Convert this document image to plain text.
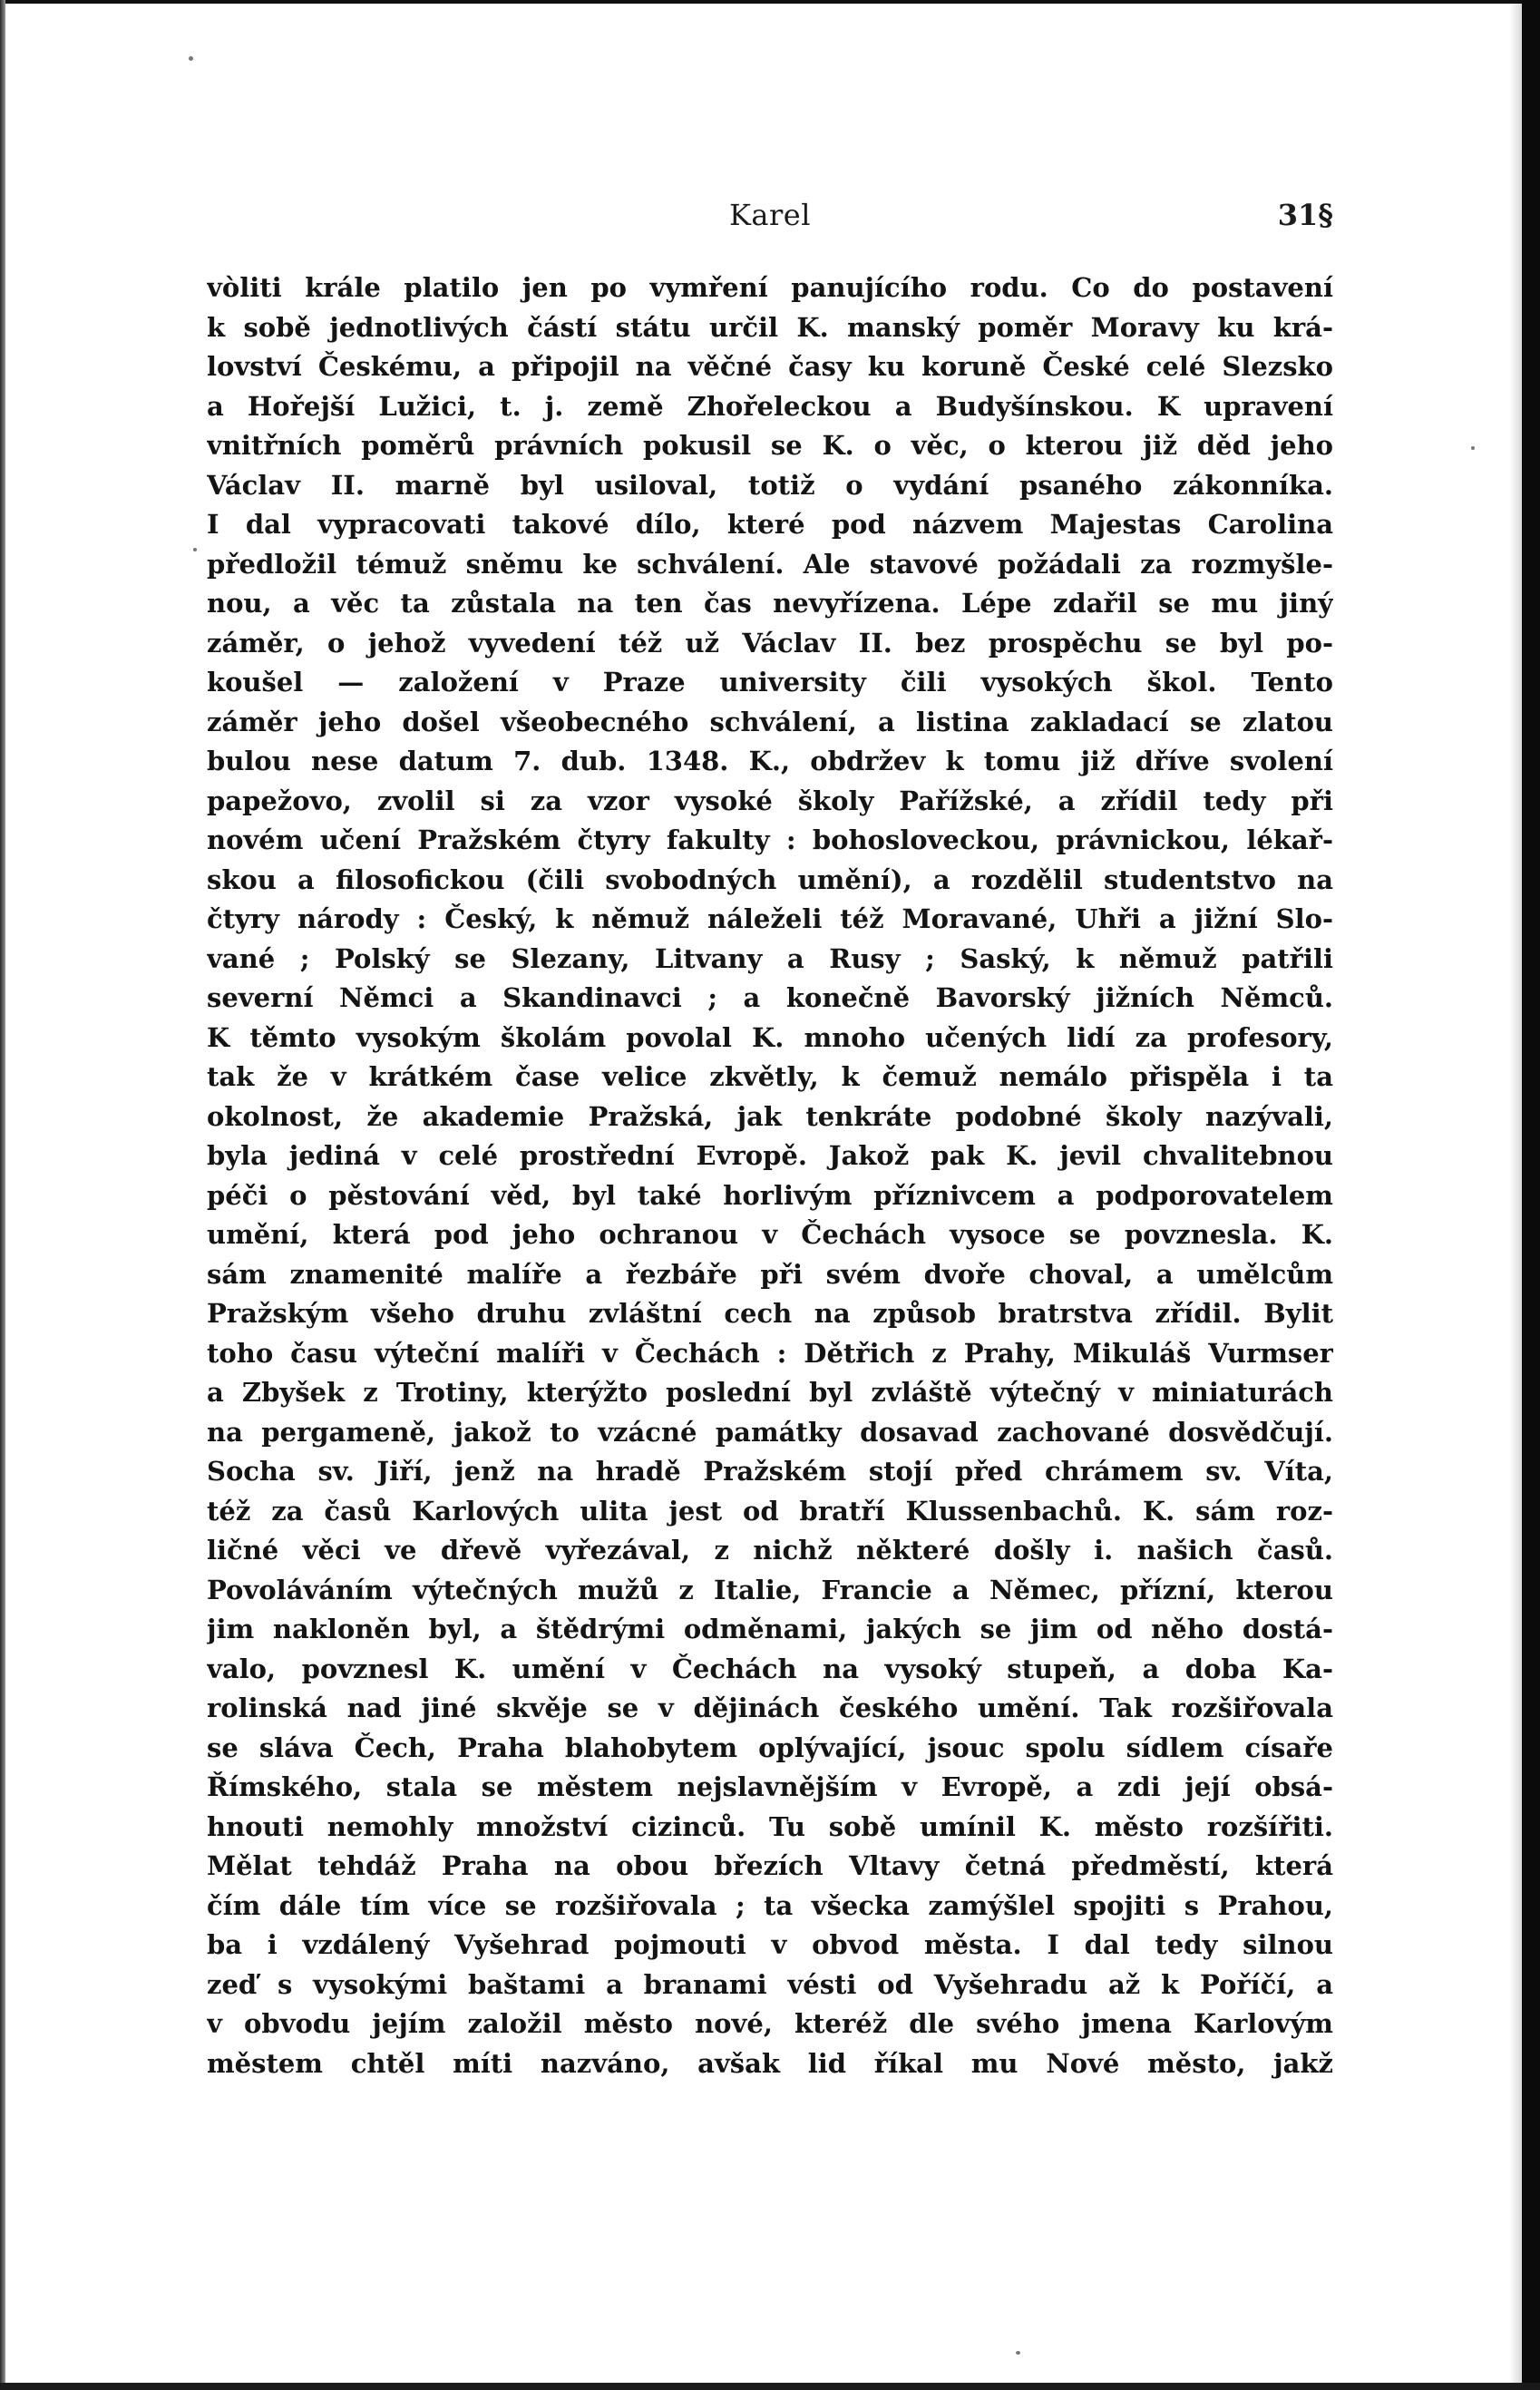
Karel	31§
vòliti krále platilo jen po vymření panujícího rodu. Co do postavení
k sobě jednotlivých částí státu určil K. manský poměr Moravy ku krá-
lovství Českému, a připojil na věčné časy ku koruně České celé Slezsko
a Hořejší Lužici, t. j. země Zhořeleckou a Budyšínskou. K upravení
vnitřních poměrů právních pokusil se K. o věc, o kterou již děd jeho
Václav II. marně byl usiloval, totiž o vydání psaného zákonníka.
I dal vypracovati takové dílo, které pod názvem Majestas Carolina
předložil témuž sněmu ke schválení. Ale stavové požádali za rozmyšle-
nou, a věc ta zůstala na ten čas nevyřízena. Lépe zdařil se mu jiný
záměr, o jehož vyvedení též už Václav II. bez prospěchu se byl po-
koušel — založení v Praze university čili vysokých škol. Tento
záměr jeho došel všeobecného schválení, a listina zakladací se zlatou
bulou nese datum 7. dub. 1348. K., obdržev k tomu již dříve svolení
papežovo, zvolil si za vzor vysoké školy Pařížské, a zřídil tedy při
novém učení Pražském čtyry fakulty : bohosloveckou, právnickou, lékař-
skou a filosofickou (čili svobodných umění), a rozdělil studentstvo na
čtyry národy : Český, k němuž náleželi též Moravané, Uhři a jižní Slo-
vané ; Polský se Slezany, Litvany a Rusy ; Saský, k němuž patřili
severní Němci a Skandinavci ; a konečně Bavorský jižních Němců.
K těmto vysokým školám povolal K. mnoho učených lidí za profesory,
tak že v krátkém čase velice zkvětly, k čemuž nemálo přispěla i ta
okolnost, že akademie Pražská, jak tenkráte podobné školy nazývali,
byla jediná v celé prostřední Evropě. Jakož pak K. jevil chvalitebnou
péči o pěstování věd, byl také horlivým příznivcem a podporovatelem
umění, která pod jeho ochranou v Čechách vysoce se povznesla. K.
sám znamenité malíře a řezbáře při svém dvoře choval, a umělcům
Pražským všeho druhu zvláštní cech na způsob bratrstva zřídil. Bylit
toho času výteční malíři v Čechách : Dětřich z Prahy, Mikuláš Vurmser
a Zbyšek z Trotiny, kterýžto poslední byl zvláště výtečný v miniaturách
na pergameně, jakož to vzácné památky dosavad zachované dosvědčují.
Socha sv. Jiří, jenž na hradě Pražském stojí před chrámem sv. Víta,
též za časů Karlových ulita jest od bratří Klussenbachů. K. sám roz-
ličné věci ve dřevě vyřezával, z nichž některé došly i. našich časů.
Povoláváním výtečných mužů z Italie, Francie a Němec, přízní, kterou
jim nakloněn byl, a štědrými odměnami, jakých se jim od něho dostá-
valo, povznesl K. umění v Čechách na vysoký stupeň, a doba Ka-
rolinská nad jiné skvěje se v dějinách českého umění. Tak rozšiřovala
se sláva Čech, Praha blahobytem oplývající, jsouc spolu sídlem císaře
Římského, stala se městem nejslavnějším v Evropě, a zdi její obsá-
hnouti nemohly množství cizinců. Tu sobě umínil K. město rozšířiti.
Mělat tehdáž Praha na obou březích Vltavy četná předměstí, která
čím dále tím více se rozšiřovala ; ta všecka zamýšlel spojiti s Prahou,
ba i vzdálený Vyšehrad pojmouti v obvod města. I dal tedy silnou
zeď s vysokými baštami a branami vésti od Vyšehradu až k Poříčí, a
v obvodu jejím založil město nové, kteréž dle svého jmena Karlovým
městem chtěl míti nazváno, avšak lid říkal mu Nové město, jakž
